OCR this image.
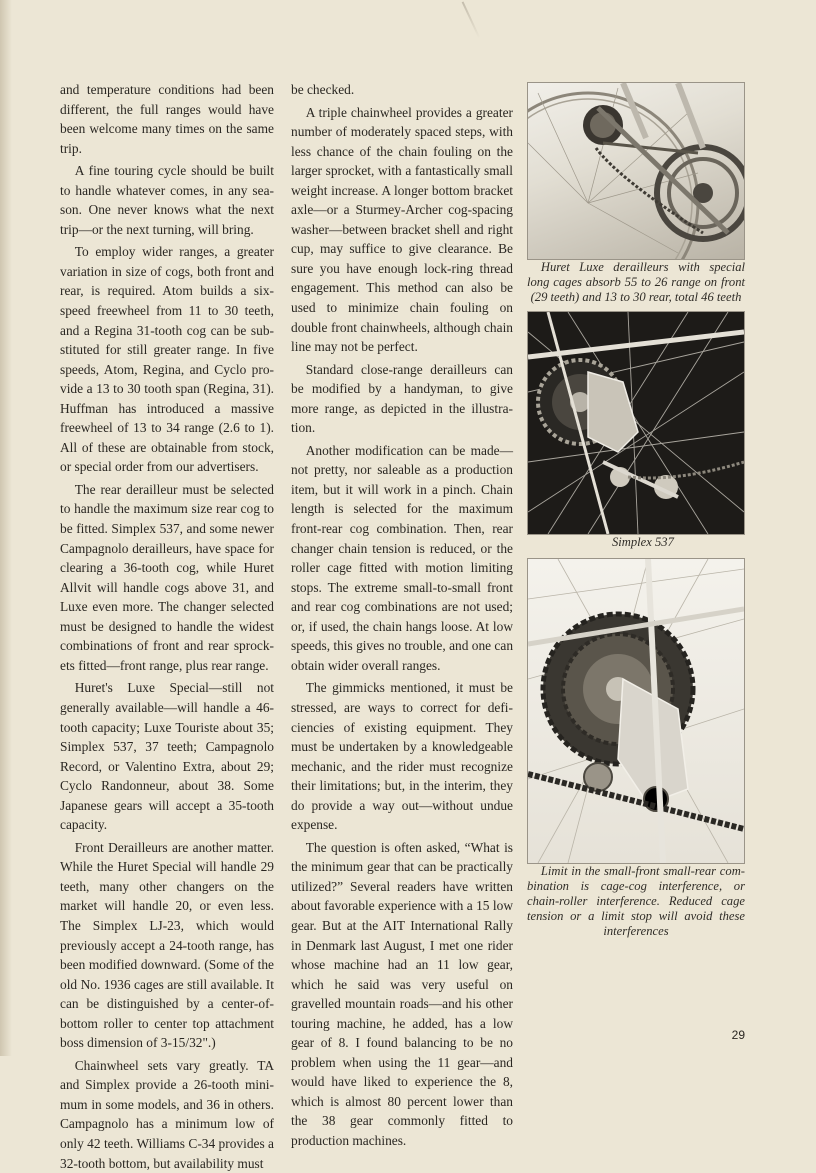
and temperature conditions had been different, the full ranges would have been welcome many times on the same trip.

A fine touring cycle should be built to handle whatever comes, in any season. One never knows what the next trip—or the next turning, will bring.

To employ wider ranges, a greater variation in size of cogs, both front and rear, is required. Atom builds a six-speed freewheel from 11 to 30 teeth, and a Regina 31-tooth cog can be substituted for still greater range. In five speeds, Atom, Regina, and Cyclo provide a 13 to 30 tooth span (Regina, 31). Huffman has introduced a massive freewheel of 13 to 34 range (2.6 to 1). All of these are obtainable from stock, or special order from our advertisers.

The rear derailleur must be selected to handle the maximum size rear cog to be fitted. Simplex 537, and some newer Campagnolo derailleurs, have space for clearing a 36-tooth cog, while Huret Allvit will handle cogs above 31, and Luxe even more. The changer selected must be designed to handle the widest combinations of front and rear sprockets fitted—front range, plus rear range.

Huret's Luxe Special—still not generally available—will handle a 46-tooth capacity; Luxe Touriste about 35; Simplex 537, 37 teeth; Campagnolo Record, or Valentino Extra, about 29; Cyclo Randonneur, about 38. Some Japanese gears will accept a 35-tooth capacity.

Front Derailleurs are another matter. While the Huret Special will handle 29 teeth, many other changers on the market will handle 20, or even less. The Simplex LJ-23, which would previously accept a 24-tooth range, has been modified downward. (Some of the old No. 1936 cages are still available. It can be distinguished by a center-of-bottom roller to center top attachment boss dimension of 3-15/32".)

Chainwheel sets vary greatly. TA and Simplex provide a 26-tooth minimum in some models, and 36 in others. Campagnolo has a minimum low of only 42 teeth. Williams C-34 provides a 32-tooth bottom, but availability must

be checked.

A triple chainwheel provides a greater number of moderately spaced steps, with less chance of the chain fouling on the larger sprocket, with a fantastically small weight increase. A longer bottom bracket axle—or a Sturmey-Archer cog-spacing washer—between bracket shell and right cup, may suffice to give clearance. Be sure you have enough lock-ring thread engagement. This method can also be used to minimize chain fouling on double front chainwheels, although chain line may not be perfect.

Standard close-range derailleurs can be modified by a handyman, to give more range, as depicted in the illustration.

Another modification can be made—not pretty, nor saleable as a production item, but it will work in a pinch. Chain length is selected for the maximum front-rear cog combination. Then, rear changer chain tension is reduced, or the roller cage fitted with motion limiting stops. The extreme small-to-small front and rear cog combinations are not used; or, if used, the chain hangs loose. At low speeds, this gives no trouble, and one can obtain wider overall ranges.

The gimmicks mentioned, it must be stressed, are ways to correct for deficiencies of existing equipment. They must be undertaken by a knowledgeable mechanic, and the rider must recognize their limitations; but, in the interim, they do provide a way out—without undue expense.

The question is often asked, “What is the minimum gear that can be practically utilized?” Several readers have written about favorable experience with a 15 low gear. But at the AIT International Rally in Denmark last August, I met one rider whose machine had an 11 low gear, which he said was very useful on gravelled mountain roads—and his other touring machine, he added, has a low gear of 8. I found balancing to be no problem when using the 11 gear—and would have liked to experience the 8, which is almost 80 percent lower than the 38 gear commonly fitted to production machines.

Huret Luxe derailleurs with special long cages absorb 55 to 26 range on front (29 teeth) and 13 to 30 rear, total 46 teeth

Simplex 537

Limit in the small-front small-rear combination is cage-cog interference, or chain-roller interference. Reduced cage tension or a limit stop will avoid these interferences

29
